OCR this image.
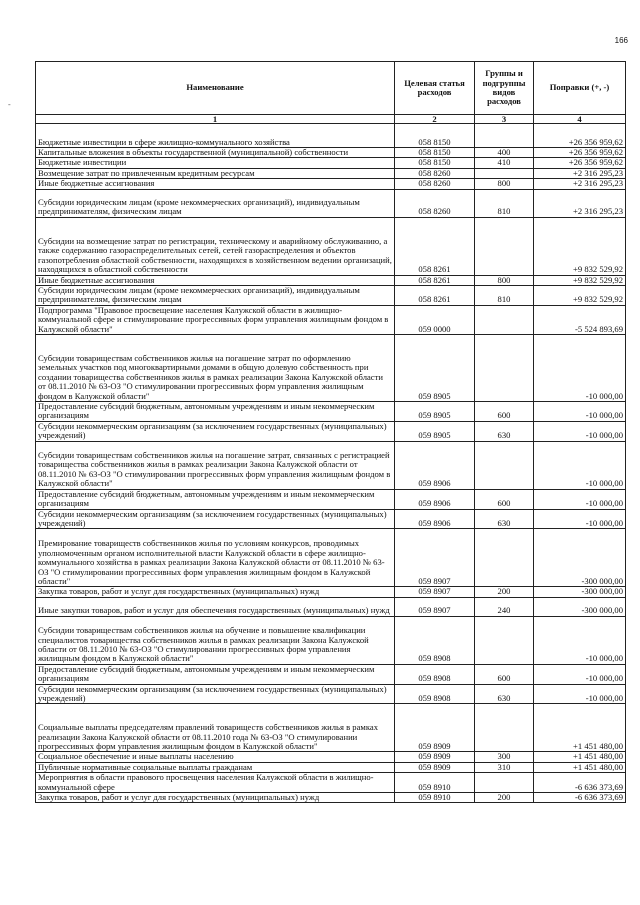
166
-
Наименование	Целевая статья расходов	Группы и подгруппы видов расходов	Поправки (+, -)
1	2	3	4
Бюджетные инвестиции в сфере жилищно-коммунального хозяйства	058 8150		+26 356 959,62
Капитальные вложения в объекты государственной (муниципальной) собственности	058 8150	400	+26 356 959,62
Бюджетные инвестиции	058 8150	410	+26 356 959,62
Возмещение затрат по привлеченным кредитным ресурсам	058 8260		+2 316 295,23
Иные бюджетные ассигнования	058 8260	800	+2 316 295,23
Субсидии юридическим лицам (кроме некоммерческих организаций), индивидуальным предпринимателям, физическим лицам	058 8260	810	+2 316 295,23
Субсидии на возмещение затрат по регистрации, техническому и аварийному обслуживанию, а также содержанию газораспределительных сетей, сетей газораспределения и объектов газопотребления областной собственности, находящихся в хозяйственном ведении организаций, находящихся в областной собственности	058 8261		+9 832 529,92
Иные бюджетные ассигнования	058 8261	800	+9 832 529,92
Субсидии юридическим лицам (кроме некоммерческих организаций), индивидуальным предпринимателям, физическим лицам	058 8261	810	+9 832 529,92
Подпрограмма "Правовое просвещение населения Калужской области в жилищно-коммунальной сфере и стимулирование прогрессивных форм управления жилищным фондом в Калужской области"	059 0000		-5 524 893,69
Субсидии товариществам собственников жилья на погашение затрат по оформлению земельных участков под многоквартирными домами в общую долевую собственность при создании товарищества собственников жилья в рамках реализации Закона Калужской области от 08.11.2010 № 63-ОЗ "О стимулировании прогрессивных форм управления жилищным фондом в Калужской области"	059 8905		-10 000,00
Предоставление субсидий бюджетным, автономным учреждениям и иным некоммерческим организациям	059 8905	600	-10 000,00
Субсидии некоммерческим организациям (за исключением государственных (муниципальных) учреждений)	059 8905	630	-10 000,00
Субсидии товариществам собственников жилья на погашение затрат, связанных с регистрацией товарищества собственников жилья в рамках реализации Закона Калужской области от 08.11.2010 № 63-ОЗ "О стимулировании прогрессивных форм управления жилищным фондом в Калужской области"	059 8906		-10 000,00
Предоставление субсидий бюджетным, автономным учреждениям и иным некоммерческим организациям	059 8906	600	-10 000,00
Субсидии некоммерческим организациям (за исключением государственных (муниципальных) учреждений)	059 8906	630	-10 000,00
Премирование товариществ собственников жилья по условиям конкурсов, проводимых уполномоченным органом исполнительной власти Калужской области в сфере жилищно-коммунального хозяйства в рамках реализации Закона Калужской области от 08.11.2010 № 63-ОЗ "О стимулировании прогрессивных форм управления жилищным фондом в Калужской области"	059 8907		-300 000,00
Закупка товаров, работ и услуг для государственных (муниципальных) нужд	059 8907	200	-300 000,00
Иные закупки товаров, работ и услуг для обеспечения государственных (муниципальных) нужд	059 8907	240	-300 000,00
Субсидии товариществам собственников жилья на обучение и повышение квалификации специалистов товарищества собственников жилья в рамках реализации Закона Калужской области от 08.11.2010 № 63-ОЗ "О стимулировании прогрессивных форм управления жилищным фондом в Калужской области"	059 8908		-10 000,00
Предоставление субсидий бюджетным, автономным учреждениям и иным некоммерческим организациям	059 8908	600	-10 000,00
Субсидии некоммерческим организациям (за исключением государственных (муниципальных) учреждений)	059 8908	630	-10 000,00
Социальные выплаты председателям правлений товариществ собственников жилья в рамках реализации Закона Калужской области от 08.11.2010 года № 63-ОЗ "О стимулировании прогрессивных форм управления жилищным фондом в Калужской области"	059 8909		+1 451 480,00
Социальное обеспечение и иные выплаты населению	059 8909	300	+1 451 480,00
Публичные нормативные социальные выплаты гражданам	059 8909	310	+1 451 480,00
Мероприятия в области правового просвещения населения Калужской области в жилищно-коммунальной сфере	059 8910		-6 636 373,69
Закупка товаров, работ и услуг для государственных (муниципальных) нужд	059 8910	200	-6 636 373,69
